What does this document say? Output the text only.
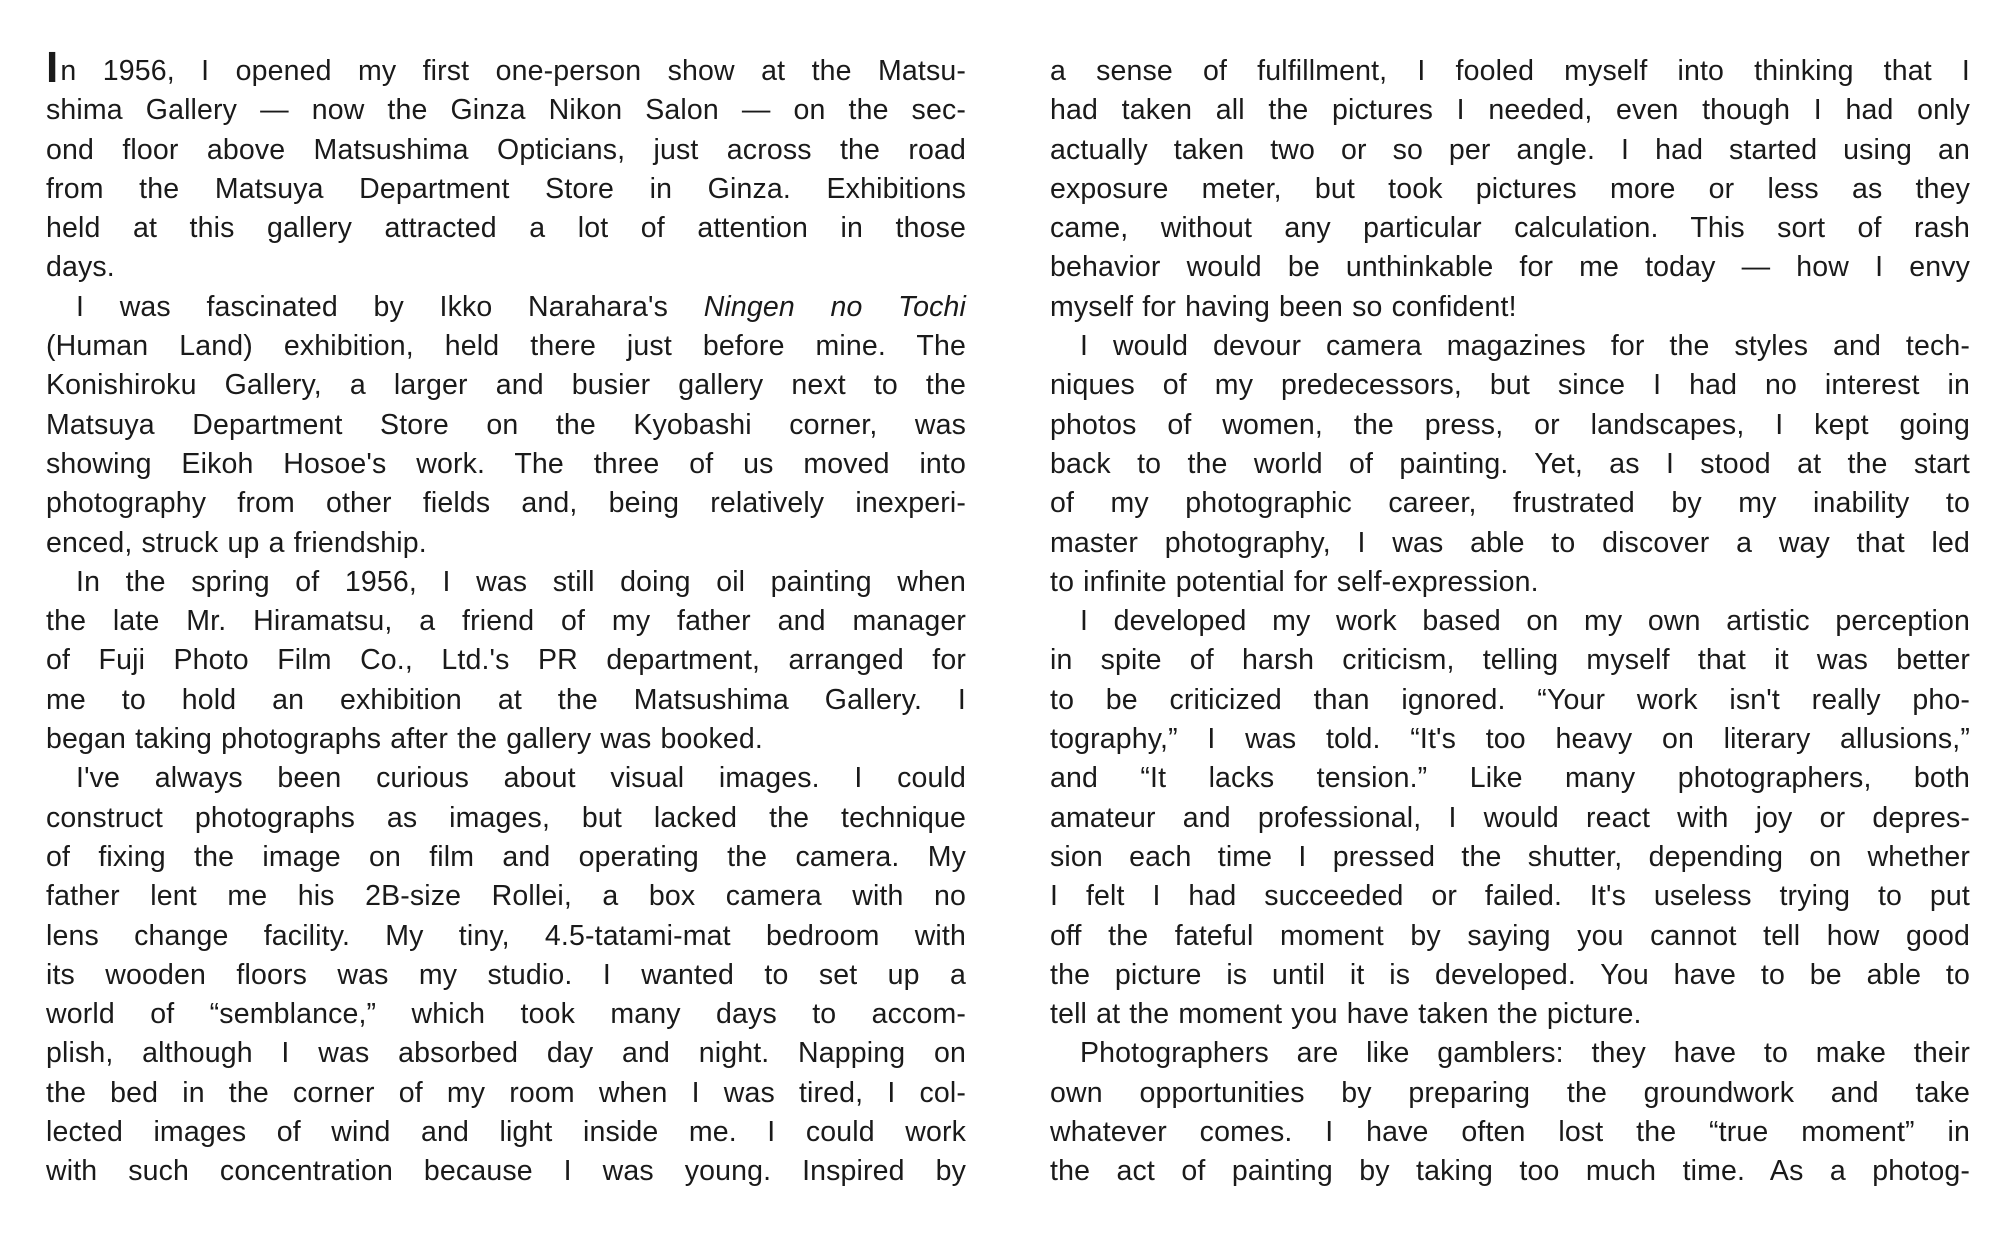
In 1956, I opened my first one-person show at the Matsu-
shima Gallery — now the Ginza Nikon Salon — on the sec-
ond floor above Matsushima Opticians, just across the road
from the Matsuya Department Store in Ginza. Exhibitions
held at this gallery attracted a lot of attention in those
days.
I was fascinated by Ikko Narahara's Ningen no Tochi
(Human Land) exhibition, held there just before mine. The
Konishiroku Gallery, a larger and busier gallery next to the
Matsuya Department Store on the Kyobashi corner, was
showing Eikoh Hosoe's work. The three of us moved into
photography from other fields and, being relatively inexperi-
enced, struck up a friendship.
In the spring of 1956, I was still doing oil painting when
the late Mr. Hiramatsu, a friend of my father and manager
of Fuji Photo Film Co., Ltd.'s PR department, arranged for
me to hold an exhibition at the Matsushima Gallery. I
began taking photographs after the gallery was booked.
I've always been curious about visual images. I could
construct photographs as images, but lacked the technique
of fixing the image on film and operating the camera. My
father lent me his 2B-size Rollei, a box camera with no
lens change facility. My tiny, 4.5-tatami-mat bedroom with
its wooden floors was my studio. I wanted to set up a
world of “semblance,” which took many days to accom-
plish, although I was absorbed day and night. Napping on
the bed in the corner of my room when I was tired, I col-
lected images of wind and light inside me. I could work
with such concentration because I was young. Inspired by
a sense of fulfillment, I fooled myself into thinking that I
had taken all the pictures I needed, even though I had only
actually taken two or so per angle. I had started using an
exposure meter, but took pictures more or less as they
came, without any particular calculation. This sort of rash
behavior would be unthinkable for me today — how I envy
myself for having been so confident!
I would devour camera magazines for the styles and tech-
niques of my predecessors, but since I had no interest in
photos of women, the press, or landscapes, I kept going
back to the world of painting. Yet, as I stood at the start
of my photographic career, frustrated by my inability to
master photography, I was able to discover a way that led
to infinite potential for self-expression.
I developed my work based on my own artistic perception
in spite of harsh criticism, telling myself that it was better
to be criticized than ignored. “Your work isn't really pho-
tography,” I was told. “It's too heavy on literary allusions,”
and “It lacks tension.” Like many photographers, both
amateur and professional, I would react with joy or depres-
sion each time I pressed the shutter, depending on whether
I felt I had succeeded or failed. It's useless trying to put
off the fateful moment by saying you cannot tell how good
the picture is until it is developed. You have to be able to
tell at the moment you have taken the picture.
Photographers are like gamblers: they have to make their
own opportunities by preparing the groundwork and take
whatever comes. I have often lost the “true moment” in
the act of painting by taking too much time. As a photog-
